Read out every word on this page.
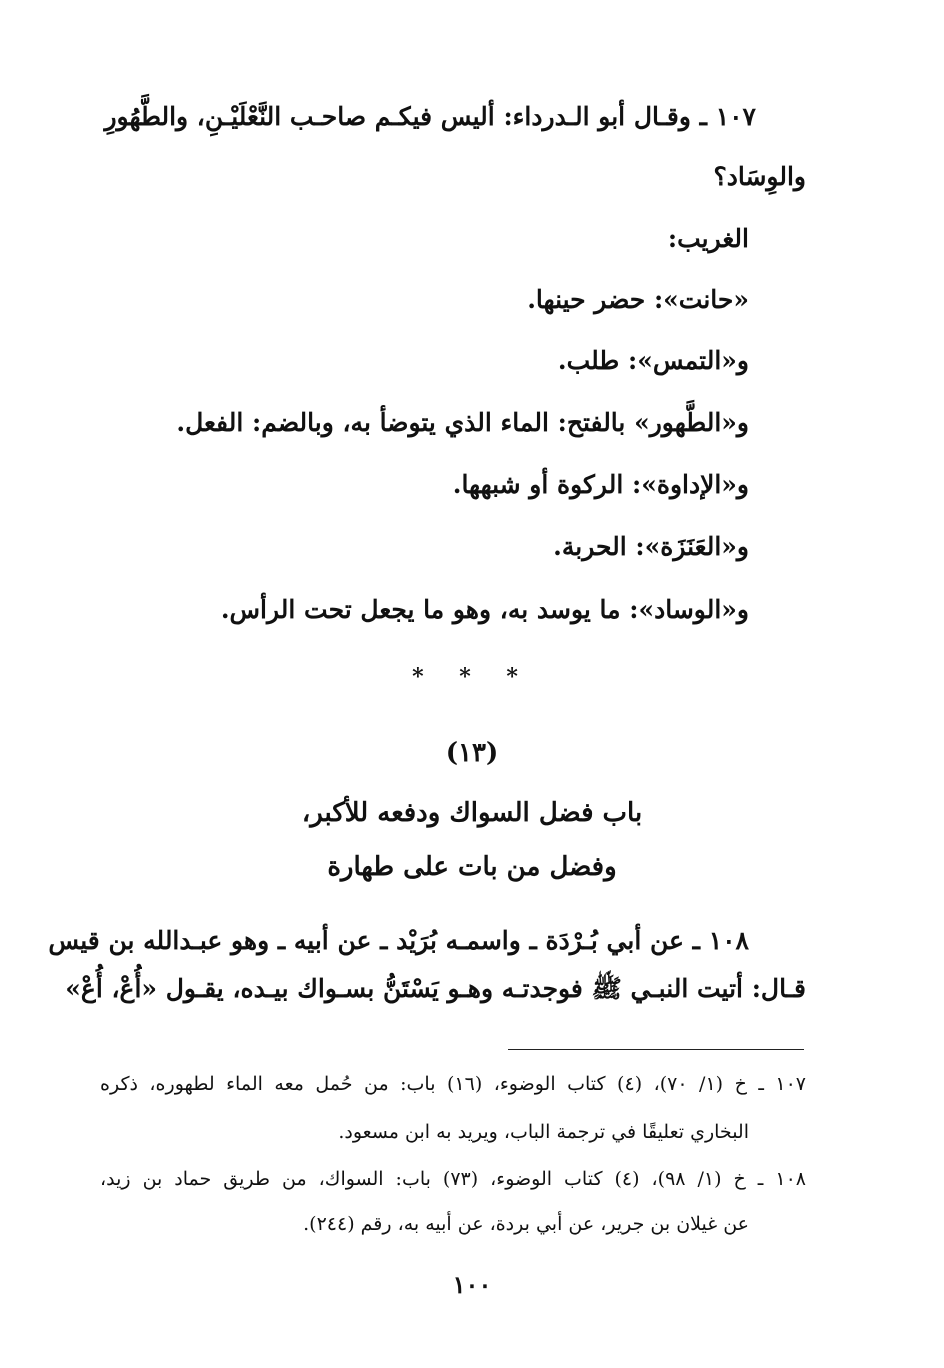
١٠٧ ـ وقـال أبو الـدرداء: أليس فيكـم صاحـب النَّعْلَيْـنِ، والطَّهُورِ
والوِسَاد؟
الغريب:
«حانت»: حضر حينها.
و«التمس»: طلب.
و«الطَّهور» بالفتح: الماء الذي يتوضأ به، وبالضم: الفعل.
و«الإداوة»: الركوة أو شبهها.
و«العَنَزَة»: الحربة.
و«الوساد»: ما يوسد به، وهو ما يجعل تحت الرأس.
* * *
(١٣)
باب فضل السواك ودفعه للأكبر،
وفضل من بات على طهارة
١٠٨ ـ عن أبي بُـرْدَة ـ واسمـه بُرَيْد ـ عن أبيه ـ وهو عبـدالله بن قيس
قـال: أتيت النبـي ﷺ فوجدتـه وهـو يَسْتَنُّ بسـواك بيـده، يقـول «أُعْ، أُعْ»
١٠٧ ـ خ (١/ ٧٠)، (٤) كتاب الوضوء، (١٦) باب: من حُمل معه الماء لطهوره، ذكره
البخاري تعليقًا في ترجمة الباب، ويريد به ابن مسعود.
١٠٨ ـ خ (١/ ٩٨)، (٤) كتاب الوضوء، (٧٣) باب: السواك، من طريق حماد بن زيد،
عن غيلان بن جرير، عن أبي بردة، عن أبيه به، رقم (٢٤٤).
١٠٠
